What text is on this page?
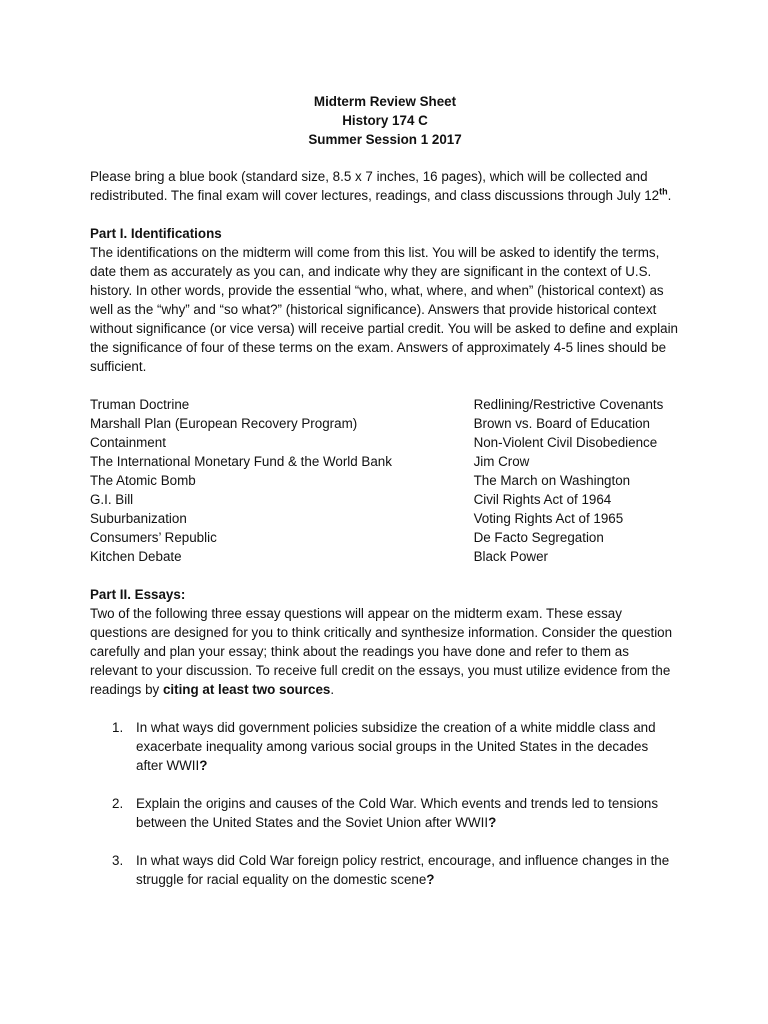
Midterm Review Sheet
History 174 C
Summer Session 1 2017

Please bring a blue book (standard size, 8.5 x 7 inches, 16 pages), which will be collected and redistributed. The final exam will cover lectures, readings, and class discussions through July 12th.

Part I. Identifications

The identifications on the midterm will come from this list. You will be asked to identify the terms, date them as accurately as you can, and indicate why they are significant in the context of U.S. history. In other words, provide the essential “who, what, where, and when” (historical context) as well as the “why” and “so what?” (historical significance). Answers that provide historical context without significance (or vice versa) will receive partial credit. You will be asked to define and explain the significance of four of these terms on the exam. Answers of approximately 4-5 lines should be sufficient.

Truman Doctrine
Marshall Plan (European Recovery Program)
Containment
The International Monetary Fund & the World Bank
The Atomic Bomb
G.I. Bill
Suburbanization
Consumers’ Republic
Kitchen Debate
Redlining/Restrictive Covenants
Brown vs. Board of Education
Non-Violent Civil Disobedience
Jim Crow
The March on Washington
Civil Rights Act of 1964
Voting Rights Act of 1965
De Facto Segregation
Black Power
Part II. Essays:

Two of the following three essay questions will appear on the midterm exam. These essay questions are designed for you to think critically and synthesize information. Consider the question carefully and plan your essay; think about the readings you have done and refer to them as relevant to your discussion. To receive full credit on the essays, you must utilize evidence from the readings by citing at least two sources.

1. In what ways did government policies subsidize the creation of a white middle class and exacerbate inequality among various social groups in the United States in the decades after WWII?
2. Explain the origins and causes of the Cold War. Which events and trends led to tensions between the United States and the Soviet Union after WWII?
3. In what ways did Cold War foreign policy restrict, encourage, and influence changes in the struggle for racial equality on the domestic scene?
